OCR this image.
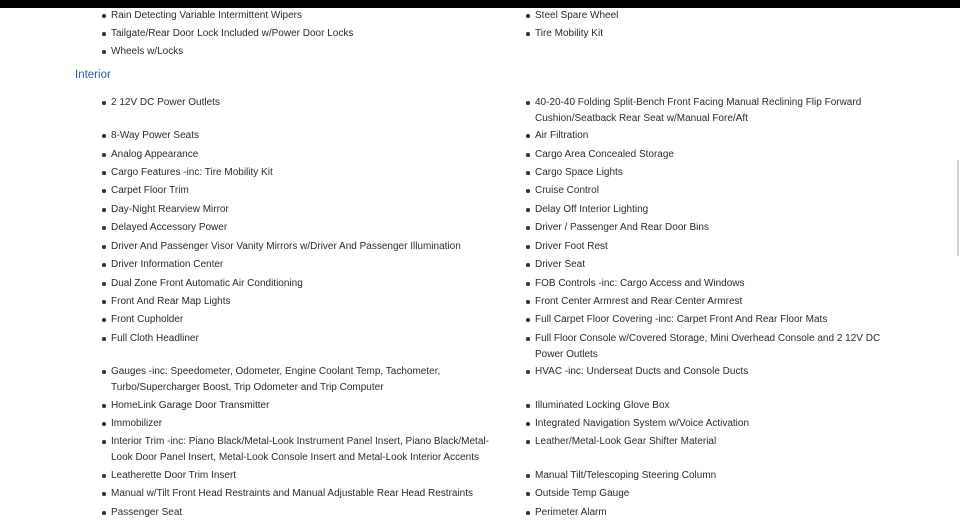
Rain Detecting Variable Intermittent Wipers
Tailgate/Rear Door Lock Included w/Power Door Locks
Wheels w/Locks
Steel Spare Wheel
Tire Mobility Kit
Interior
2 12V DC Power Outlets
8-Way Power Seats
Analog Appearance
Cargo Features -inc: Tire Mobility Kit
Carpet Floor Trim
Day-Night Rearview Mirror
Delayed Accessory Power
Driver And Passenger Visor Vanity Mirrors w/Driver And Passenger Illumination
Driver Information Center
Dual Zone Front Automatic Air Conditioning
Front And Rear Map Lights
Front Cupholder
Full Cloth Headliner
Gauges -inc: Speedometer, Odometer, Engine Coolant Temp, Tachometer, Turbo/Supercharger Boost, Trip Odometer and Trip Computer
HomeLink Garage Door Transmitter
Immobilizer
Interior Trim -inc: Piano Black/Metal-Look Instrument Panel Insert, Piano Black/Metal-Look Door Panel Insert, Metal-Look Console Insert and Metal-Look Interior Accents
Leatherette Door Trim Insert
Manual w/Tilt Front Head Restraints and Manual Adjustable Rear Head Restraints
Passenger Seat
40-20-40 Folding Split-Bench Front Facing Manual Reclining Flip Forward Cushion/Seatback Rear Seat w/Manual Fore/Aft
Air Filtration
Cargo Area Concealed Storage
Cargo Space Lights
Cruise Control
Delay Off Interior Lighting
Driver / Passenger And Rear Door Bins
Driver Foot Rest
Driver Seat
FOB Controls -inc: Cargo Access and Windows
Front Center Armrest and Rear Center Armrest
Full Carpet Floor Covering -inc: Carpet Front And Rear Floor Mats
Full Floor Console w/Covered Storage, Mini Overhead Console and 2 12V DC Power Outlets
HVAC -inc: Underseat Ducts and Console Ducts
Illuminated Locking Glove Box
Integrated Navigation System w/Voice Activation
Leather/Metal-Look Gear Shifter Material
Manual Tilt/Telescoping Steering Column
Outside Temp Gauge
Perimeter Alarm
